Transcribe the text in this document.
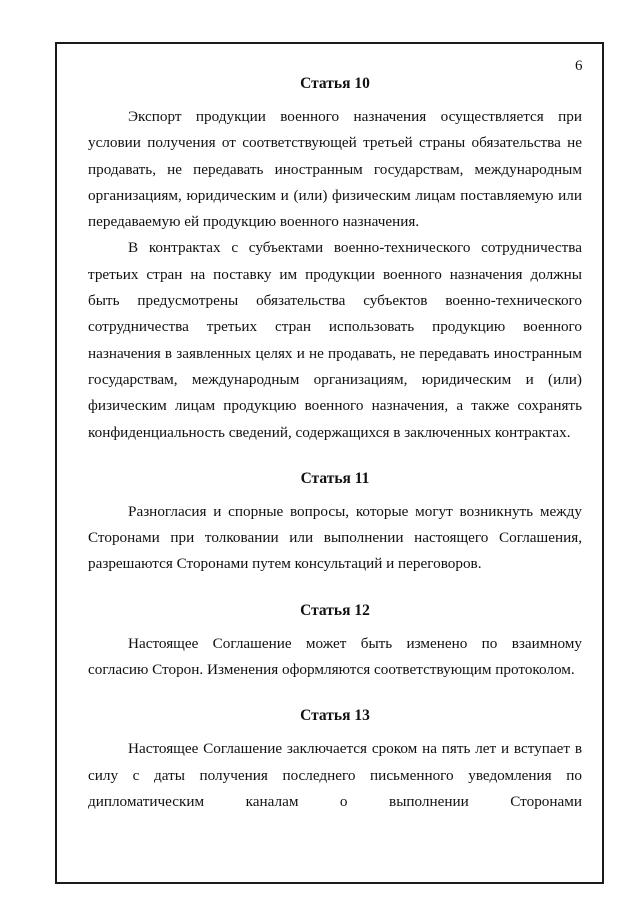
6
Статья 10

Экспорт продукции военного назначения осуществляется при условии получения от соответствующей третьей страны обязательства не продавать, не передавать иностранным государствам, международным организациям, юридическим и (или) физическим лицам поставляемую или передаваемую ей продукцию военного назначения.

В контрактах с субъектами военно-технического сотрудничества третьих стран на поставку им продукции военного назначения должны быть предусмотрены обязательства субъектов военно-технического сотрудничества третьих стран использовать продукцию военного назначения в заявленных целях и не продавать, не передавать иностранным государствам, международным организациям, юридическим и (или) физическим лицам продукцию военного назначения, а также сохранять конфиденциальность сведений, содержащихся в заключенных контрактах.

Статья 11

Разногласия и спорные вопросы, которые могут возникнуть между Сторонами при толковании или выполнении настоящего Соглашения, разрешаются Сторонами путем консультаций и переговоров.

Статья 12

Настоящее Соглашение может быть изменено по взаимному согласию Сторон. Изменения оформляются соответствующим протоколом.

Статья 13

Настоящее Соглашение заключается сроком на пять лет и вступает в силу с даты получения последнего письменного уведомления по дипломатическим каналам о выполнении Сторонами
